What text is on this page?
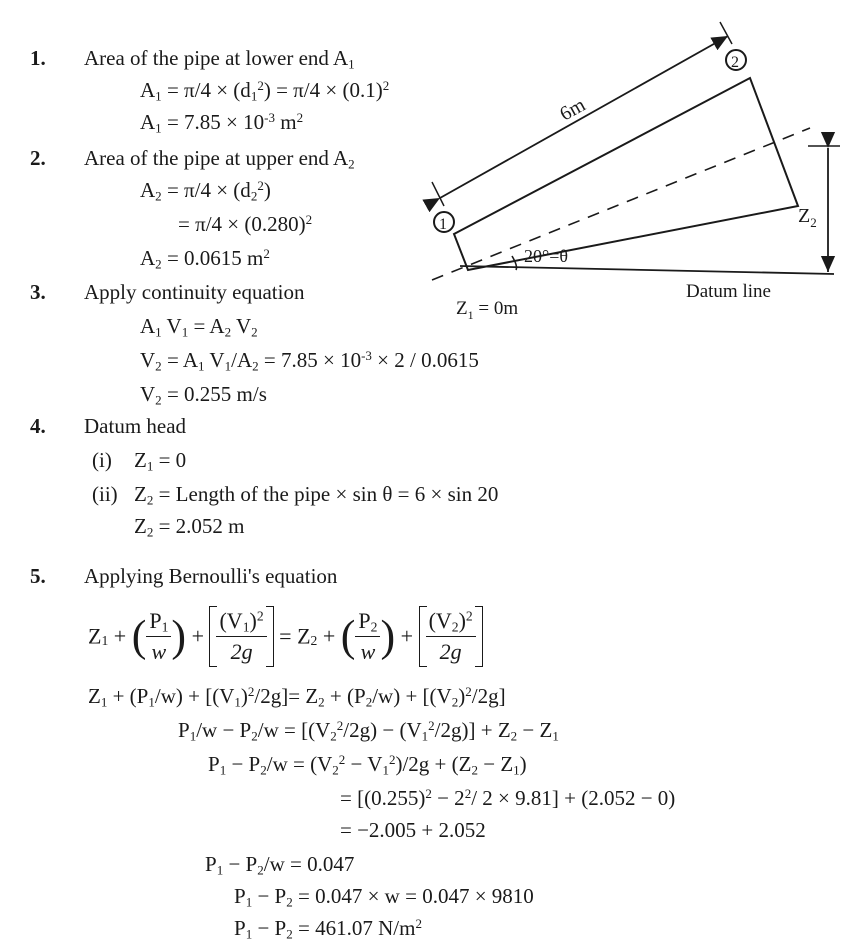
1. Area of the pipe at lower end $A_1$
$A_1 = \pi/4 \times (d_1^2) = \pi/4 \times (0.1)^2$
$A_1 = 7.85 \times 10^{-3}$ $m^2$
2. Area of the pipe at upper end $A_2$
$A_2 = \pi/4 \times (d_2^2)$
= $\pi/4 \times (0.280)^2$
$A_2 = 0.0615$ $m^2$
3. Apply continuity equation
$A_1$ $V_1 = A_2$ $V_2$
$V_2 = A_1$ $V_1/A_2 = 7.85 \times 10^{-3} \times 2 / 0.0615$
$V_2 = 0.255$ m/s
4. Datum head
(i) $Z_1 = 0$
(ii) $Z_2$ = Length of the pipe × sin θ = 6 × sin 20
$Z_2 = 2.052$ m
5. Applying Bernoulli's equation
$Z_1$ + ( $\frac{P_1}{w}$ ) + $\frac{(V_1)^2}{2g} = Z_2$ + ( $\frac{P_2}{w}$ ) + $\frac{(V_2)^2}{2g}$
$Z_1 + (P_1/w) + [(V_1)^2/2g]= Z_2 + (P_2/w) + [(V_2)^2/2g]$
$P_1/w - P_2/w = [(V_2^2/2g) - (V_1^2/2g)] + Z_2 - Z_1$
$P_1 - P_2/w = (V_2^2 - V_1^2)/2g + (Z_2 - Z_1)$
= [$(0.255)^2 - 2^2/$ 2 × 9.81] + (2.052 − 0)
= −2.005 + 2.052
$P_1 - P_2/w = 0.047$
$P_1 - P_2 = 0.047 \times w = 0.047 \times 9810$
$P_1 - P_2 = 461.07$ $N/m^2$
6m
$Z_2$
20°=θ
1
2
Datum line
$Z_1 = 0m$
